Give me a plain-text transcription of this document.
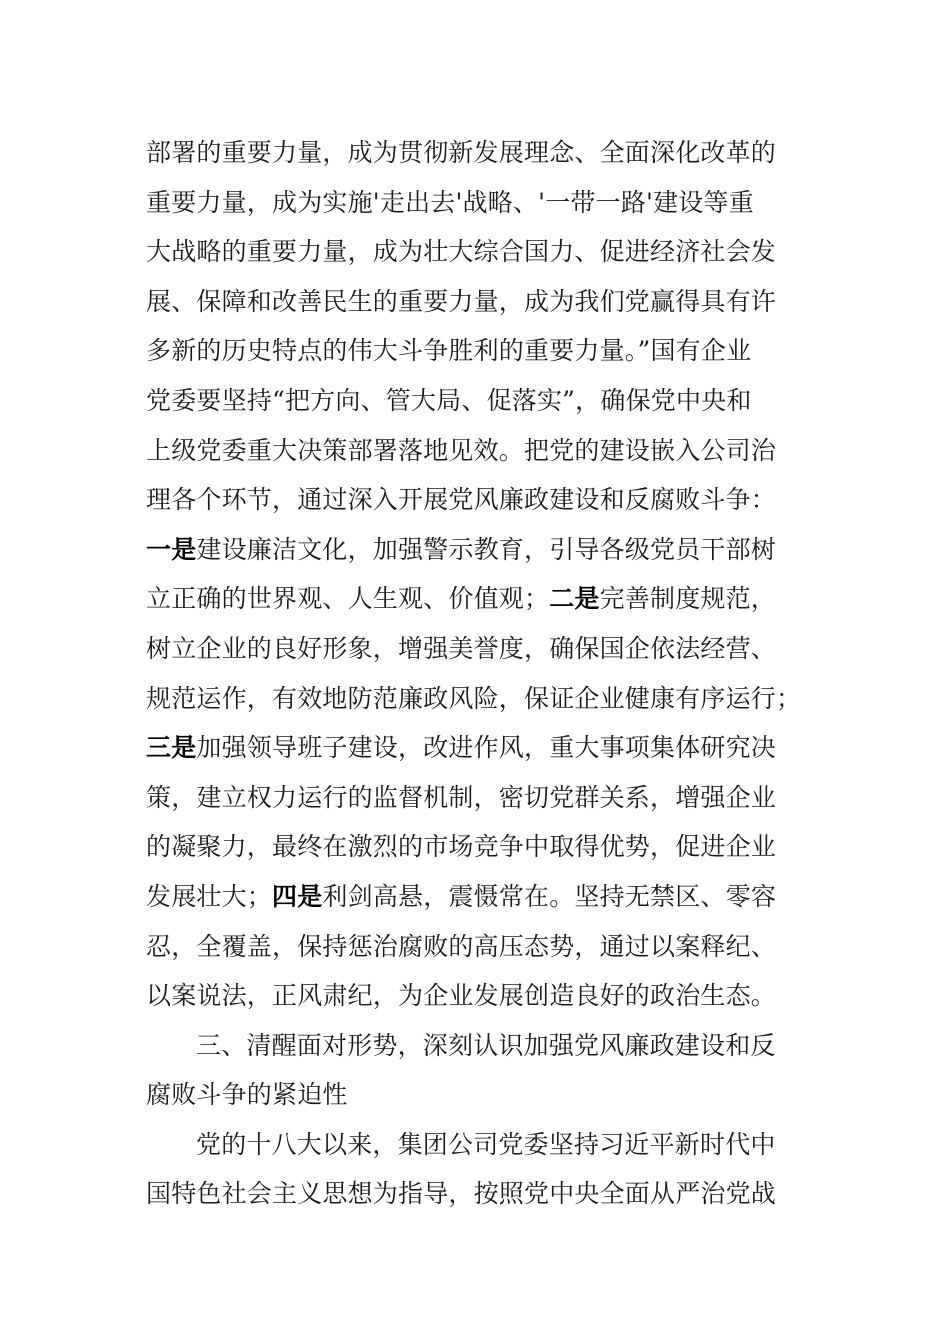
部署的重要力量，成为贯彻新发展理念、全面深化改革的
重要力量，成为实施'走出去'战略、'一带一路'建设等重
大战略的重要力量，成为壮大综合国力、促进经济社会发
展、保障和改善民生的重要力量，成为我们党赢得具有许
多新的历史特点的伟大斗争胜利的重要力量。”国有企业
党委要坚持“把方向、管大局、促落实”，确保党中央和
上级党委重大决策部署落地见效。把党的建设嵌入公司治
理各个环节，通过深入开展党风廉政建设和反腐败斗争：
一是建设廉洁文化，加强警示教育，引导各级党员干部树
立正确的世界观、人生观、价值观；二是完善制度规范，
树立企业的良好形象，增强美誉度，确保国企依法经营、
规范运作，有效地防范廉政风险，保证企业健康有序运行；
三是加强领导班子建设，改进作风，重大事项集体研究决
策，建立权力运行的监督机制，密切党群关系，增强企业
的凝聚力，最终在激烈的市场竞争中取得优势，促进企业
发展壮大；四是利剑高悬，震慑常在。坚持无禁区、零容
忍，全覆盖，保持惩治腐败的高压态势，通过以案释纪、
以案说法，正风肃纪，为企业发展创造良好的政治生态。
三、清醒面对形势，深刻认识加强党风廉政建设和反
腐败斗争的紧迫性
党的十八大以来，集团公司党委坚持习近平新时代中
国特色社会主义思想为指导，按照党中央全面从严治党战
